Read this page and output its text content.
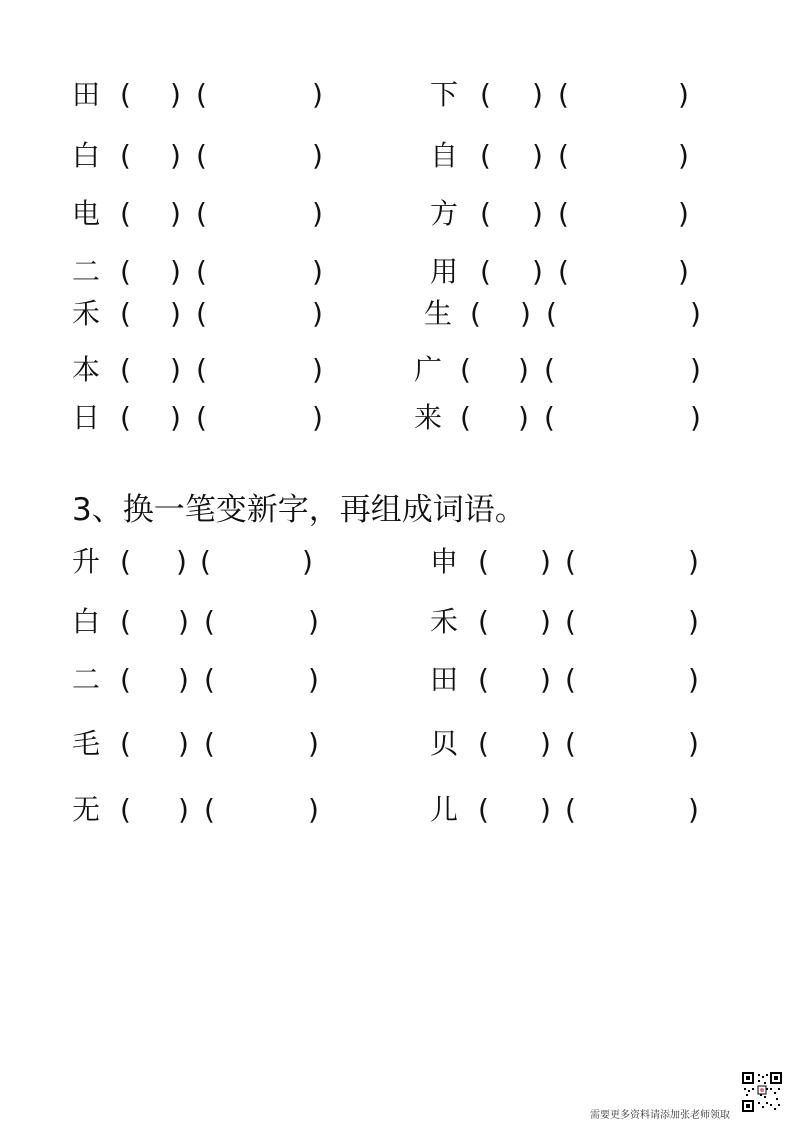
田 ( ) (	)	下 ( ) (	)
白 ( ) (	)	自 ( ) (	)
电 ( ) (	)	方 ( ) (	)
二 ( ) (	)	用 ( ) (	)
禾 ( ) (	)	生 ( ) (	)
本 ( ) (	)	广 ( ) (	)
日 ( ) (	)	来 ( ) (	)
3、换一笔变新字，再组成词语。
升 ( ) (	)	申 ( ) (	)
白 ( ) (	)	禾 ( ) (	)
二 ( ) (	)	田 ( ) (	)
毛 ( ) (	)	贝 ( ) (	)
无 ( ) (	)	儿 ( ) (	)
需要更多资料请添加张老师领取
